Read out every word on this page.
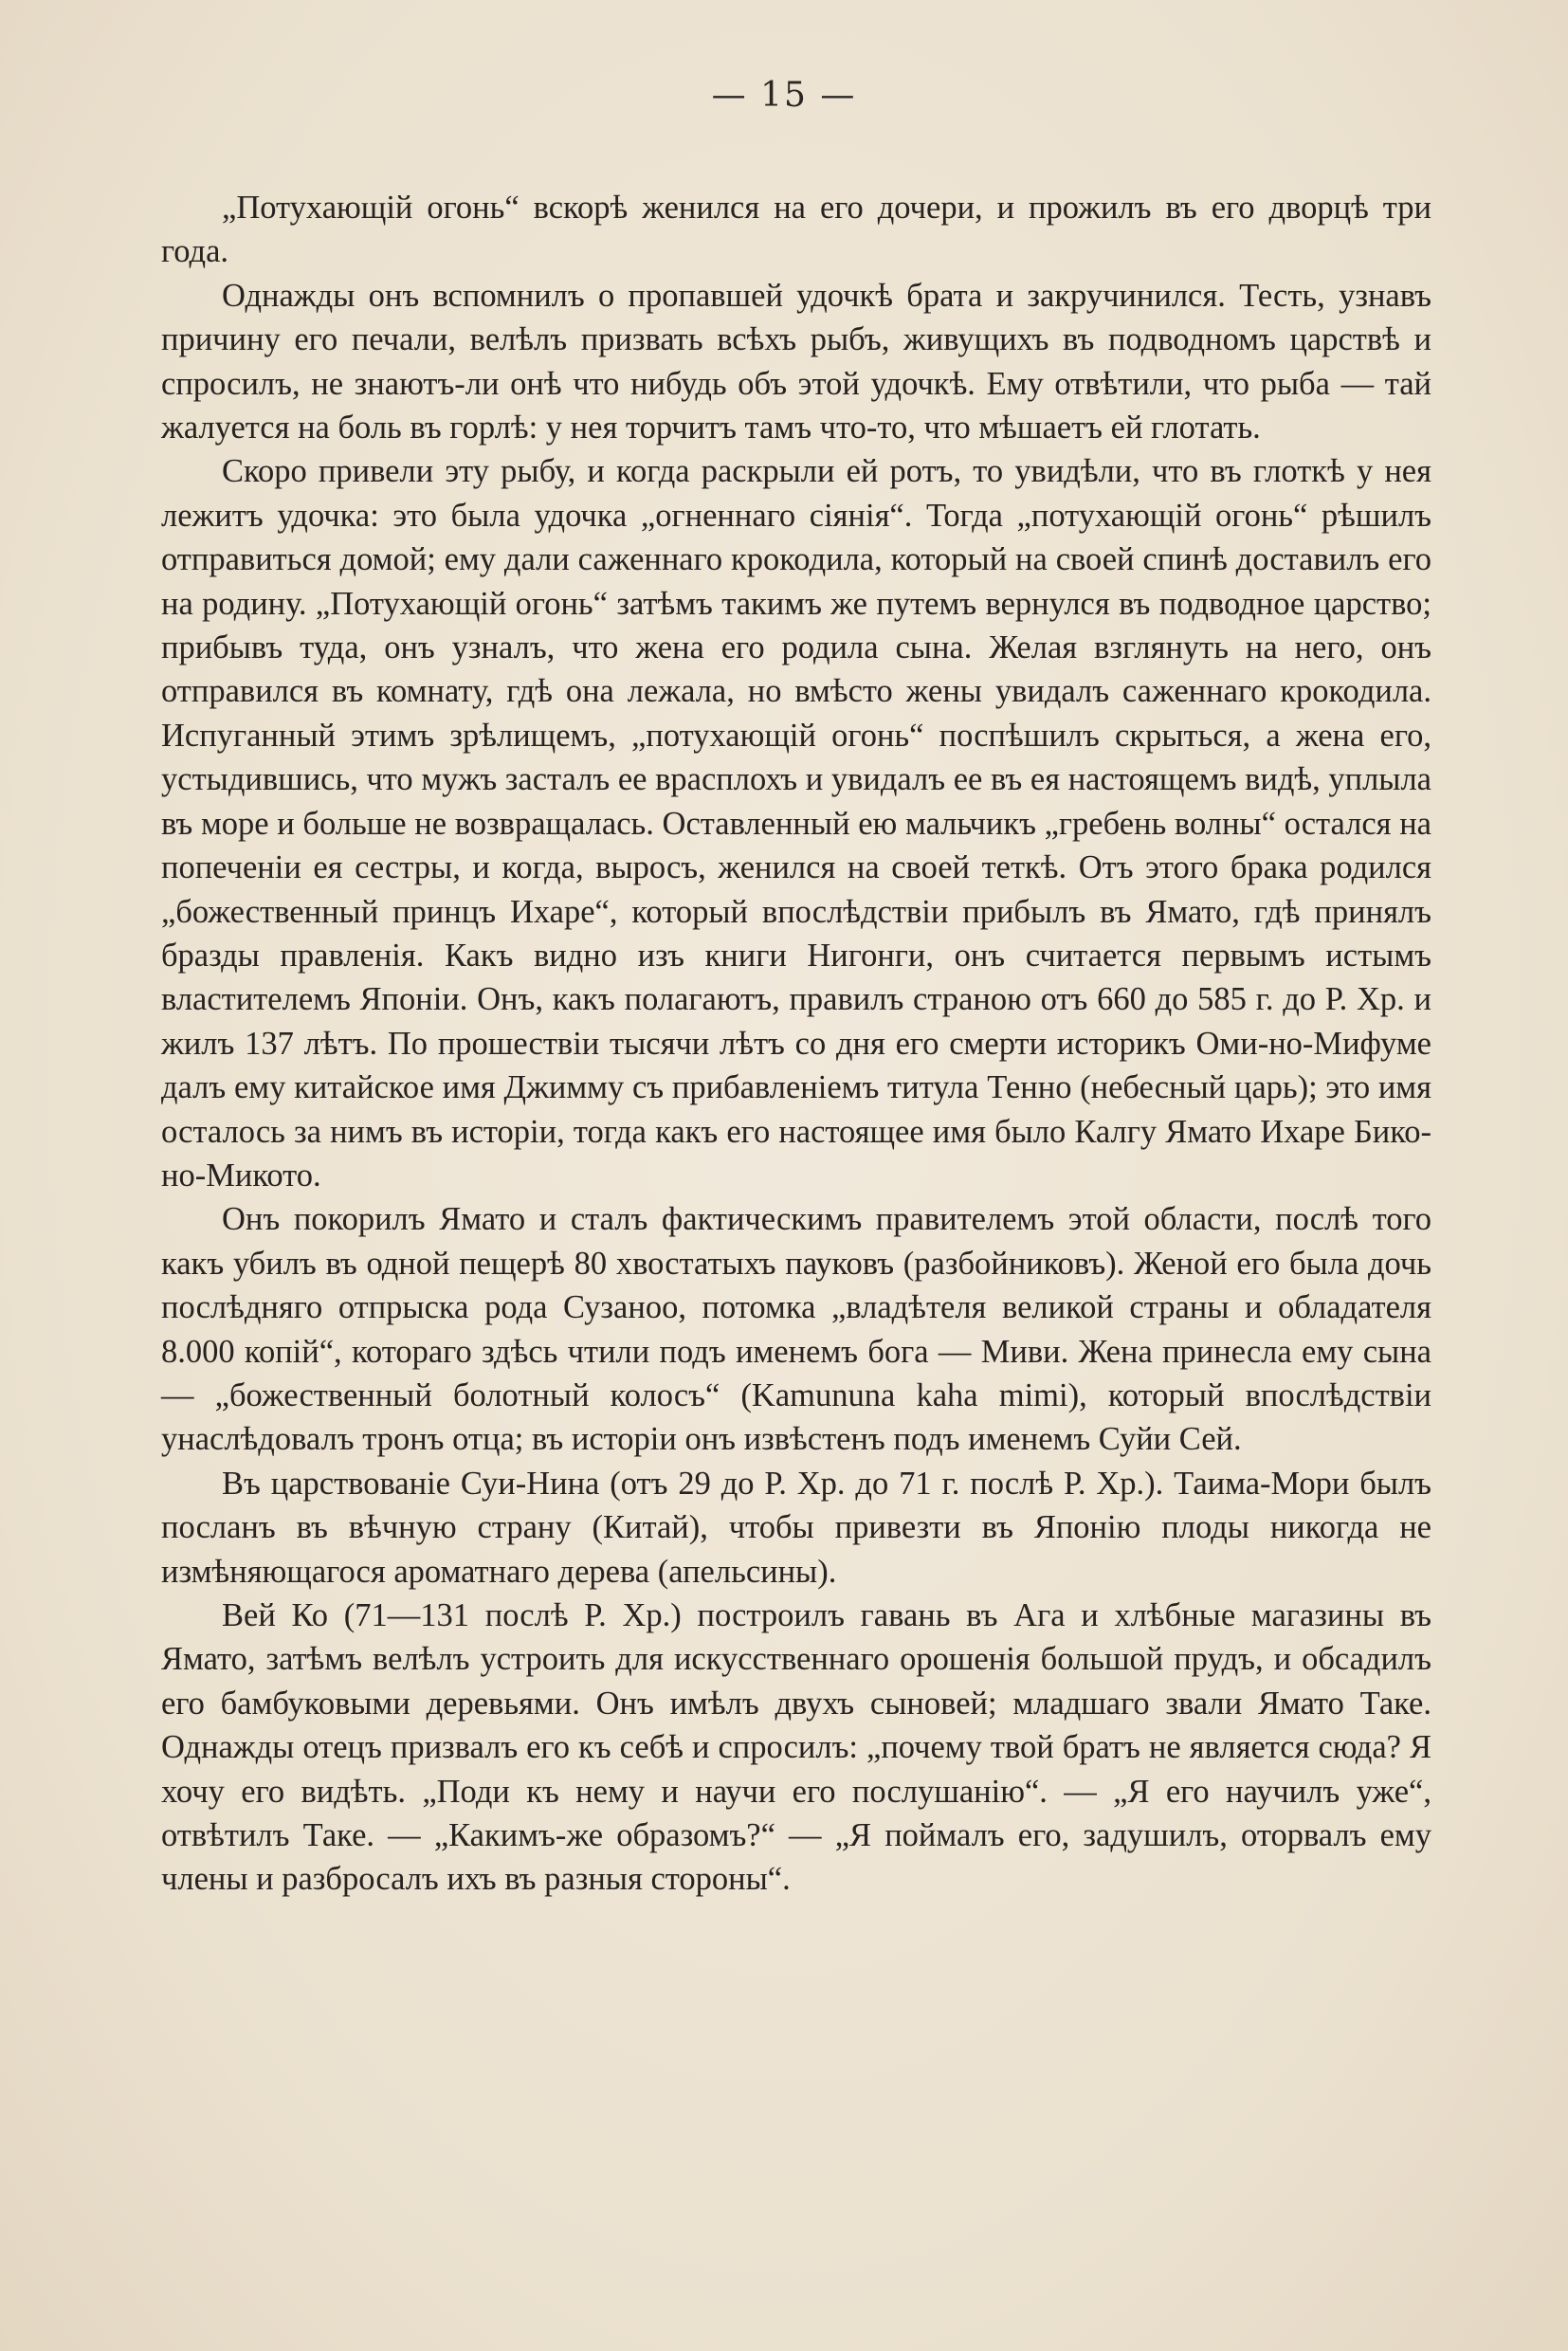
— 15 —

„Потухающій огонь“ вскорѣ женился на его дочери, и прожилъ въ его дворцѣ три года.

Однажды онъ вспомнилъ о пропавшей удочкѣ брата и закручинился. Тесть, узнавъ причину его печали, велѣлъ призвать всѣхъ рыбъ, живущихъ въ подводномъ царствѣ и спросилъ, не знаютъ-ли онѣ что нибудь объ этой удочкѣ. Ему отвѣтили, что рыба — тай жалуется на боль въ горлѣ: у нея торчитъ тамъ что-то, что мѣшаетъ ей глотать.

Скоро привели эту рыбу, и когда раскрыли ей ротъ, то увидѣли, что въ глоткѣ у нея лежитъ удочка: это была удочка „огненнаго сіянія“. Тогда „потухающій огонь“ рѣшилъ отправиться домой; ему дали саженнаго крокодила, который на своей спинѣ доставилъ его на родину. „Потухающій огонь“ затѣмъ такимъ же путемъ вернулся въ подводное царство; прибывъ туда, онъ узналъ, что жена его родила сына. Желая взглянуть на него, онъ отправился въ комнату, гдѣ она лежала, но вмѣсто жены увидалъ саженнаго крокодила. Испуганный этимъ зрѣлищемъ, „потухающій огонь“ поспѣшилъ скрыться, а жена его, устыдившись, что мужъ засталъ ее врасплохъ и увидалъ ее въ ея настоящемъ видѣ, уплыла въ море и больше не возвращалась. Оставленный ею мальчикъ „гребень волны“ остался на попеченіи ея сестры, и когда, выросъ, женился на своей теткѣ. Отъ этого брака родился „божественный принцъ Ихаре“, который впослѣдствіи прибылъ въ Ямато, гдѣ принялъ бразды правленія. Какъ видно изъ книги Нигонги, онъ считается первымъ истымъ властителемъ Японіи. Онъ, какъ полагаютъ, правилъ страною отъ 660 до 585 г. до Р. Хр. и жилъ 137 лѣтъ. По прошествіи тысячи лѣтъ со дня его смерти историкъ Оми-но-Мифуме далъ ему китайское имя Джимму съ прибавленіемъ титула Тенно (небесный царь); это имя осталось за нимъ въ исторіи, тогда какъ его настоящее имя было Калгу Ямато Ихаре Бико-но-Микото.

Онъ покорилъ Ямато и сталъ фактическимъ правителемъ этой области, послѣ того какъ убилъ въ одной пещерѣ 80 хвостатыхъ пауковъ (разбойниковъ). Женой его была дочь послѣдняго отпрыска рода Сузаноо, потомка „владѣтеля великой страны и обладателя 8.000 копій“, котораго здѣсь чтили подъ именемъ бога — Миви. Жена принесла ему сына — „божественный болотный колосъ“ (Kamununa kaha mimi), который впослѣдствіи унаслѣдовалъ тронъ отца; въ исторіи онъ извѣстенъ подъ именемъ Суйи Сей.

Въ царствованіе Суи-Нина (отъ 29 до Р. Хр. до 71 г. послѣ Р. Хр.). Таима-Мори былъ посланъ въ вѣчную страну (Китай), чтобы привезти въ Японію плоды никогда не измѣняющагося ароматнаго дерева (апельсины).

Вей Ко (71—131 послѣ Р. Хр.) построилъ гавань въ Ага и хлѣбные магазины въ Ямато, затѣмъ велѣлъ устроить для искусственнаго орошенія большой прудъ, и обсадилъ его бамбуковыми деревьями. Онъ имѣлъ двухъ сыновей; младшаго звали Ямато Таке. Однажды отецъ призвалъ его къ себѣ и спросилъ: „почему твой братъ не является сюда? Я хочу его видѣть. „Поди къ нему и научи его послушанію“. — „Я его научилъ уже“, отвѣтилъ Таке. — „Какимъ-же образомъ?“ — „Я поймалъ его, задушилъ, оторвалъ ему члены и разбросалъ ихъ въ разныя стороны“.
